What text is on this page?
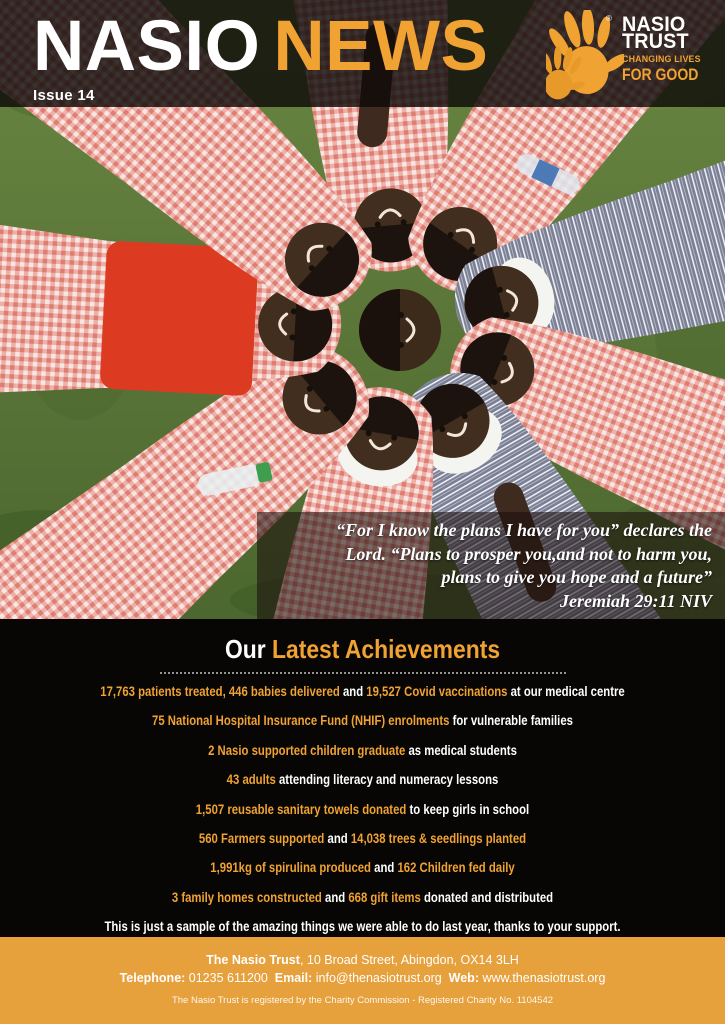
NASIO NEWS
Issue 14
® NASIO
TRUST
CHANGING LIVES
FOR GOOD
“For I know the plans I have for you” declares the
Lord. “Plans to prosper you,and not to harm you,
plans to give you hope and a future”
Jeremiah 29:11 NIV
Our Latest Achievements
17,763 patients treated, 446 babies delivered and 19,527 Covid vaccinations at our medical centre
75 National Hospital Insurance Fund (NHIF) enrolments for vulnerable families
2 Nasio supported children graduate as medical students
43 adults attending literacy and numeracy lessons
1,507 reusable sanitary towels donated to keep girls in school
560 Farmers supported and 14,038 trees & seedlings planted
1,991kg of spirulina produced and 162 Children fed daily
3 family homes constructed and 668 gift items donated and distributed
This is just a sample of the amazing things we were able to do last year, thanks to your support.
The Nasio Trust, 10 Broad Street, Abingdon, OX14 3LH
Telephone: 01235 611200  Email: info@thenasiotrust.org  Web: www.thenasiotrust.org
The Nasio Trust is registered by the Charity Commission - Registered Charity No. 1104542
